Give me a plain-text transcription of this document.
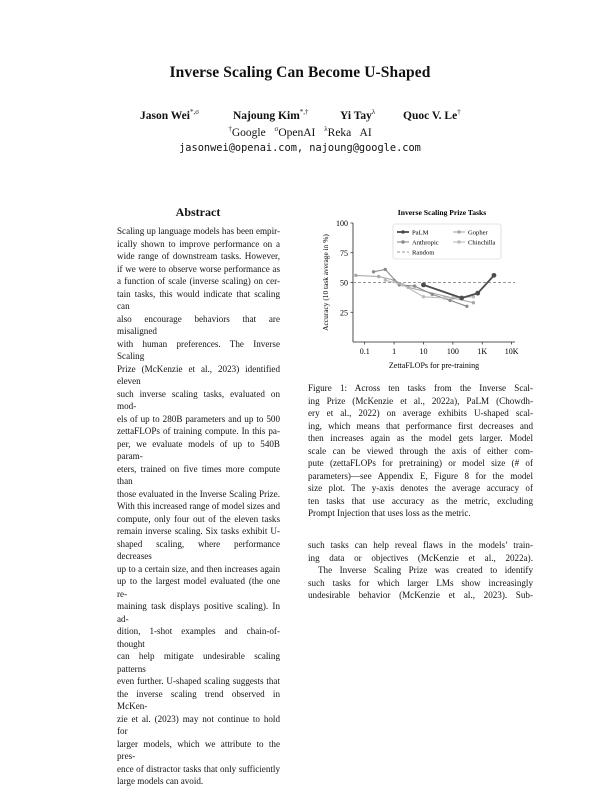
Inverse Scaling Can Become U-Shaped
Jason Wei$^{*,\sigma}$	Najoung Kim*,†	Yi Tay$^\lambda$ Quoc V. Le†
†Google $^\sigma$OpenAI $^\lambda$Reka AI
jasonwei@openai.com, najoung@google.com
Abstract

Scaling up language models has been empir-

ically shown to improve performance on a

wide range of downstream tasks. However,

if we were to observe worse performance as

a function of scale (inverse scaling) on cer-

tain tasks, this would indicate that scaling can

also encourage behaviors that are misaligned

with human preferences. The Inverse Scaling

Prize (McKenzie et al., 2023) identified eleven

such inverse scaling tasks, evaluated on mod-

els of up to 280B parameters and up to 500

zettaFLOPs of training compute. In this pa-

per, we evaluate models of up to 540B param-

eters, trained on five times more compute than

those evaluated in the Inverse Scaling Prize.

With this increased range of model sizes and

compute, only four out of the eleven tasks

remain inverse scaling. Six tasks exhibit U-

shaped scaling, where performance decreases

up to a certain size, and then increases again

up to the largest model evaluated (the one re-

maining task displays positive scaling). In ad-

dition, 1-shot examples and chain-of-thought

can help mitigate undesirable scaling patterns

even further. U-shaped scaling suggests that

the inverse scaling trend observed in McKen-

zie et al. (2023) may not continue to hold for

larger models, which we attribute to the pres-

ence of distractor tasks that only sufficiently

large models can avoid.

Inverse Scaling Prize Tasks
0.1	1	10 100 1K 10K
25
50
75
100
ZettaFLOPs for pre-training
Accuracy (10 task average in %)
PaLM	Gopher
Anthropic	Chinchilla
Random

Figure 1: Across ten tasks from the Inverse Scal-

ing Prize (McKenzie et al., 2022a), PaLM (Chowdh-

ery et al., 2022) on average exhibits U-shaped scal-

ing, which means that performance first decreases and

then increases again as the model gets larger. Model

scale can be viewed through the axis of either com-

pute (zettaFLOPs for pretraining) or model size (# of

parameters)—see Appendix E, Figure 8 for the model

size plot. The y-axis denotes the average accuracy of

ten tasks that use accuracy as the metric, excluding

Prompt Injection that uses loss as the metric.

such tasks can help reveal flaws in the models’ train-

ing data or objectives (McKenzie et al., 2022a).

The Inverse Scaling Prize was created to identify

such tasks for which larger LMs show increasingly

undesirable behavior (McKenzie et al., 2023). Sub-
